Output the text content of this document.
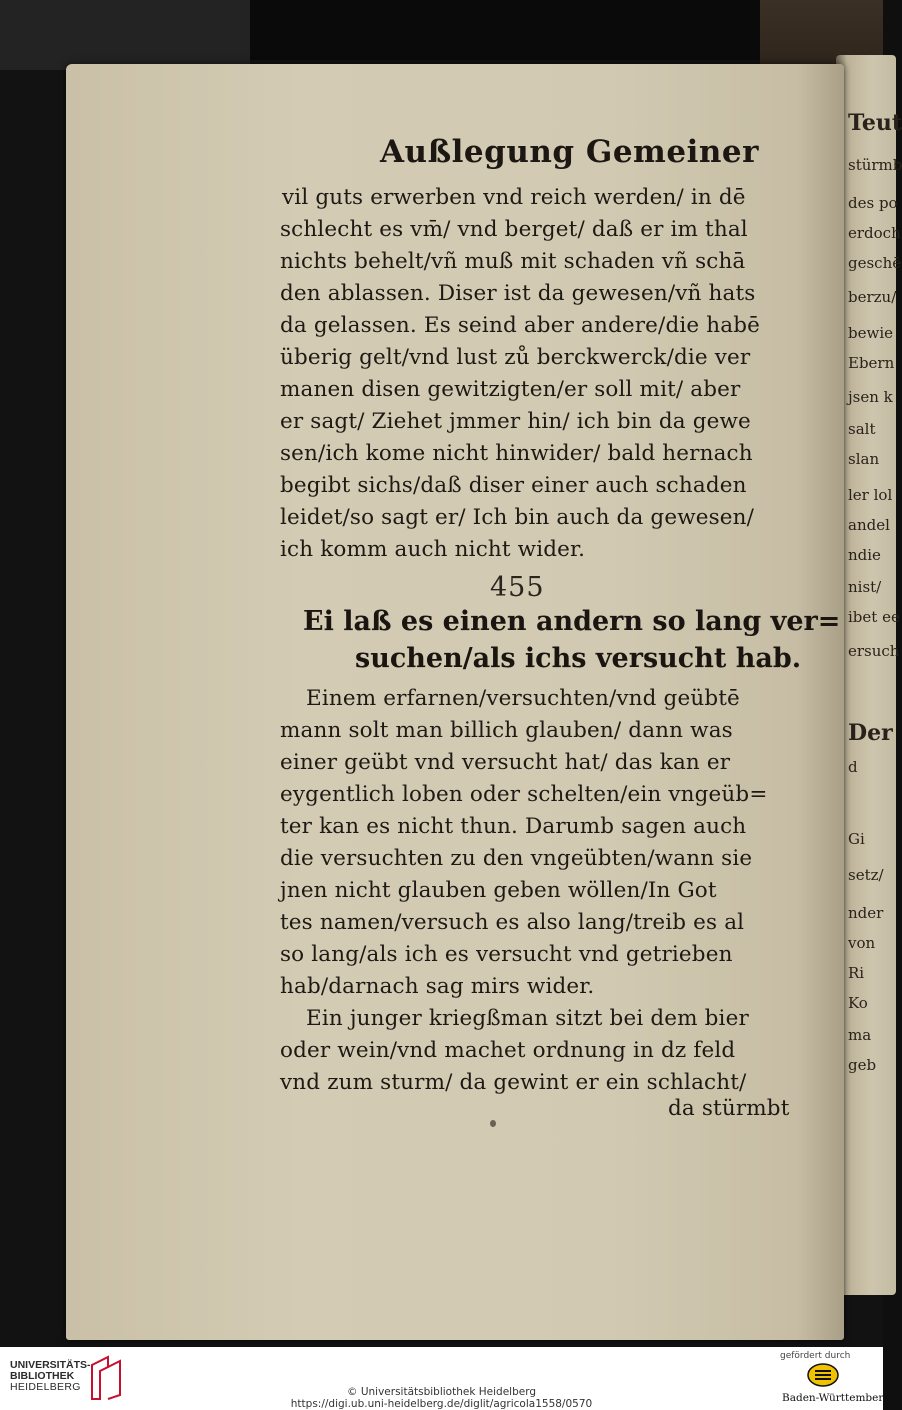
Teut
stürmb
des po
erdoch
geschē
berzu/
bewie
Ebern
jsen k
salt
slan
ler lol
andel
ndie
nist/
ibet ee
ersuch
Der
d
Gi
setz/
nder
von
Ri
Ko
ma
geb
Außlegung Gemeiner
vil guts erwerben vnd reich werden/ in dē
schlecht es vm̄/ vnd berget/ daß er im thal
nichts behelt/vñ muß mit schaden vñ schā
den ablassen. Diser ist da gewesen/vñ hats
da gelassen. Es seind aber andere/die habē
überig gelt/vnd lust zů berckwerck/die ver
manen disen gewitzigten/er soll mit/ aber
er sagt/ Ziehet jmmer hin/ ich bin da gewe
sen/ich kome nicht hinwider/ bald hernach
begibt sichs/daß diser einer auch schaden
leidet/so sagt er/ Ich bin auch da gewesen/
ich komm auch nicht wider.
455
Ei laß es einen andern so lang ver=
suchen/als ichs versucht hab.
Einem erfarnen/versuchten/vnd geübtē
mann solt man billich glauben/ dann was
einer geübt vnd versucht hat/ das kan er
eygentlich loben oder schelten/ein vngeüb=
ter kan es nicht thun. Darumb sagen auch
die versuchten zu den vngeübten/wann sie
jnen nicht glauben geben wöllen/In Got
tes namen/versuch es also lang/treib es al
so lang/als ich es versucht vnd getrieben
hab/darnach sag mirs wider.
Ein junger kriegßman sitzt bei dem bier
oder wein/vnd machet ordnung in dz feld
vnd zum sturm/ da gewint er ein schlacht/
da stürmbt
UNIVERSITÄTS-
BIBLIOTHEK
HEIDELBERG	© Universitätsbibliothek Heidelberg
https://digi.ub.uni-heidelberg.de/diglit/agricola1558/0570
gefördert durch
Baden-Württemberg
